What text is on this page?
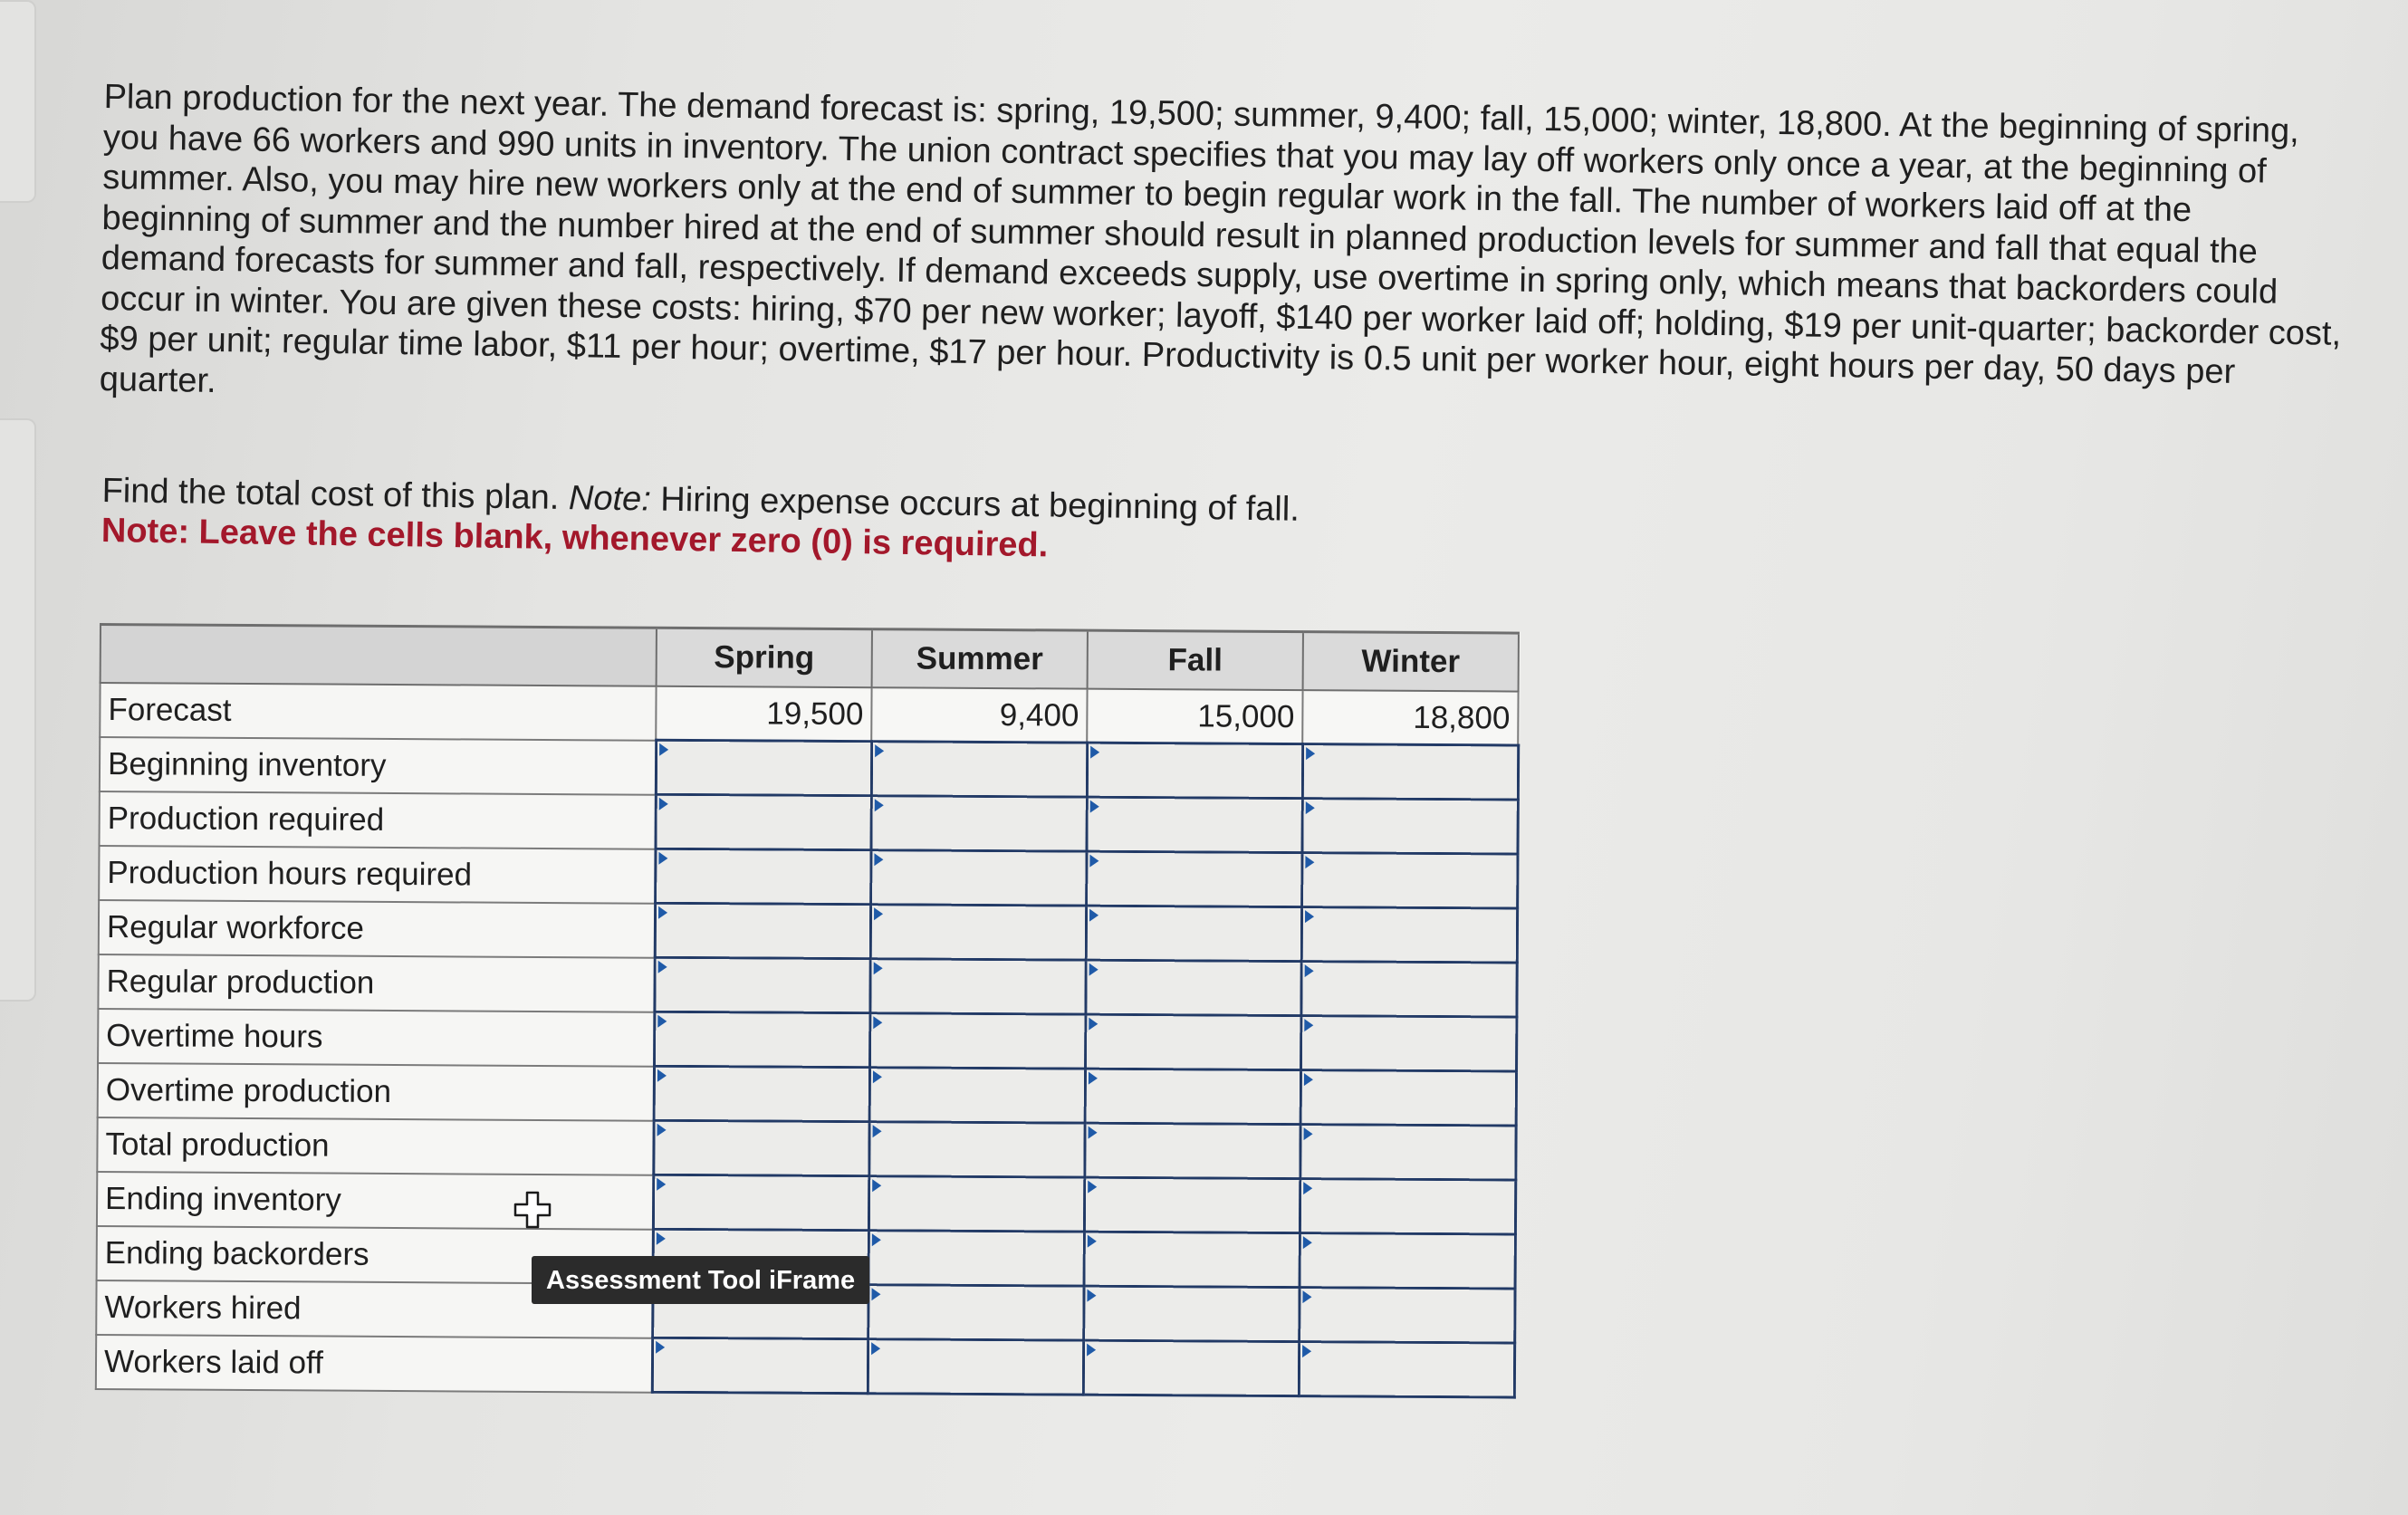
Plan production for the next year. The demand forecast is: spring, 19,500; summer, 9,400; fall, 15,000; winter, 18,800. At the beginning of spring, you have 66 workers and 990 units in inventory. The union contract specifies that you may lay off workers only once a year, at the beginning of summer. Also, you may hire new workers only at the end of summer to begin regular work in the fall. The number of workers laid off at the beginning of summer and the number hired at the end of summer should result in planned production levels for summer and fall that equal the demand forecasts for summer and fall, respectively. If demand exceeds supply, use overtime in spring only, which means that backorders could occur in winter. You are given these costs: hiring, $70 per new worker; layoff, $140 per worker laid off; holding, $19 per unit-quarter; backorder cost, $9 per unit; regular time labor, $11 per hour; overtime, $17 per hour. Productivity is 0.5 unit per worker hour, eight hours per day, 50 days per quarter.

Find the total cost of this plan. Note: Hiring expense occurs at beginning of fall.

Note: Leave the cells blank, whenever zero (0) is required.

	Spring	Summer	Fall	Winter
Forecast	19,500	9,400	15,000	18,800
Beginning inventory	

Production required	

Production hours required	

Regular workforce	

Regular production	

Overtime hours	

Overtime production	

Total production	

Ending inventory	

Ending backorders	

Workers hired	

Workers laid off	

Assessment Tool iFrame
